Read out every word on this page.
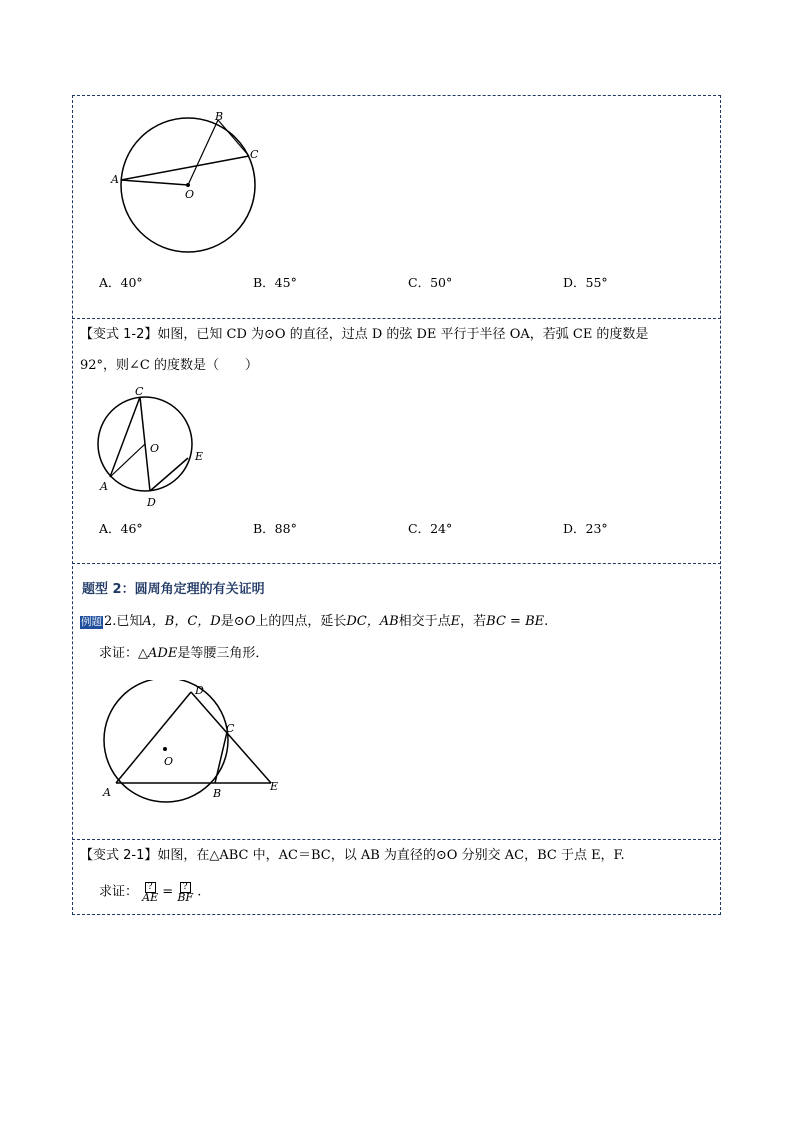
A
B
C
O
A．40°	B．45°	C．50°	D．55°
【变式 1-2】如图，已知 CD 为⊙O 的直径，过点 D 的弦 DE 平行于半径 OA，若弧 CE 的度数是
92°，则∠C 的度数是（　　）
C
O
E
A
D
A．46°	B．88°	C．24°	D．23°
题型 2：圆周角定理的有关证明
例题 2.已知A，B，C，D是⊙O上的四点，延长DC，AB相交于点E，若BC = BE.
求证：△ADE是等腰三角形．
D
C
O
A	B
E
【变式 2-1】如图，在△ABC 中，AC＝BC，以 AB 为直径的⊙O 分别交 AC，BC 于点 E，F.
求证：	?
AE =	?
BF .
